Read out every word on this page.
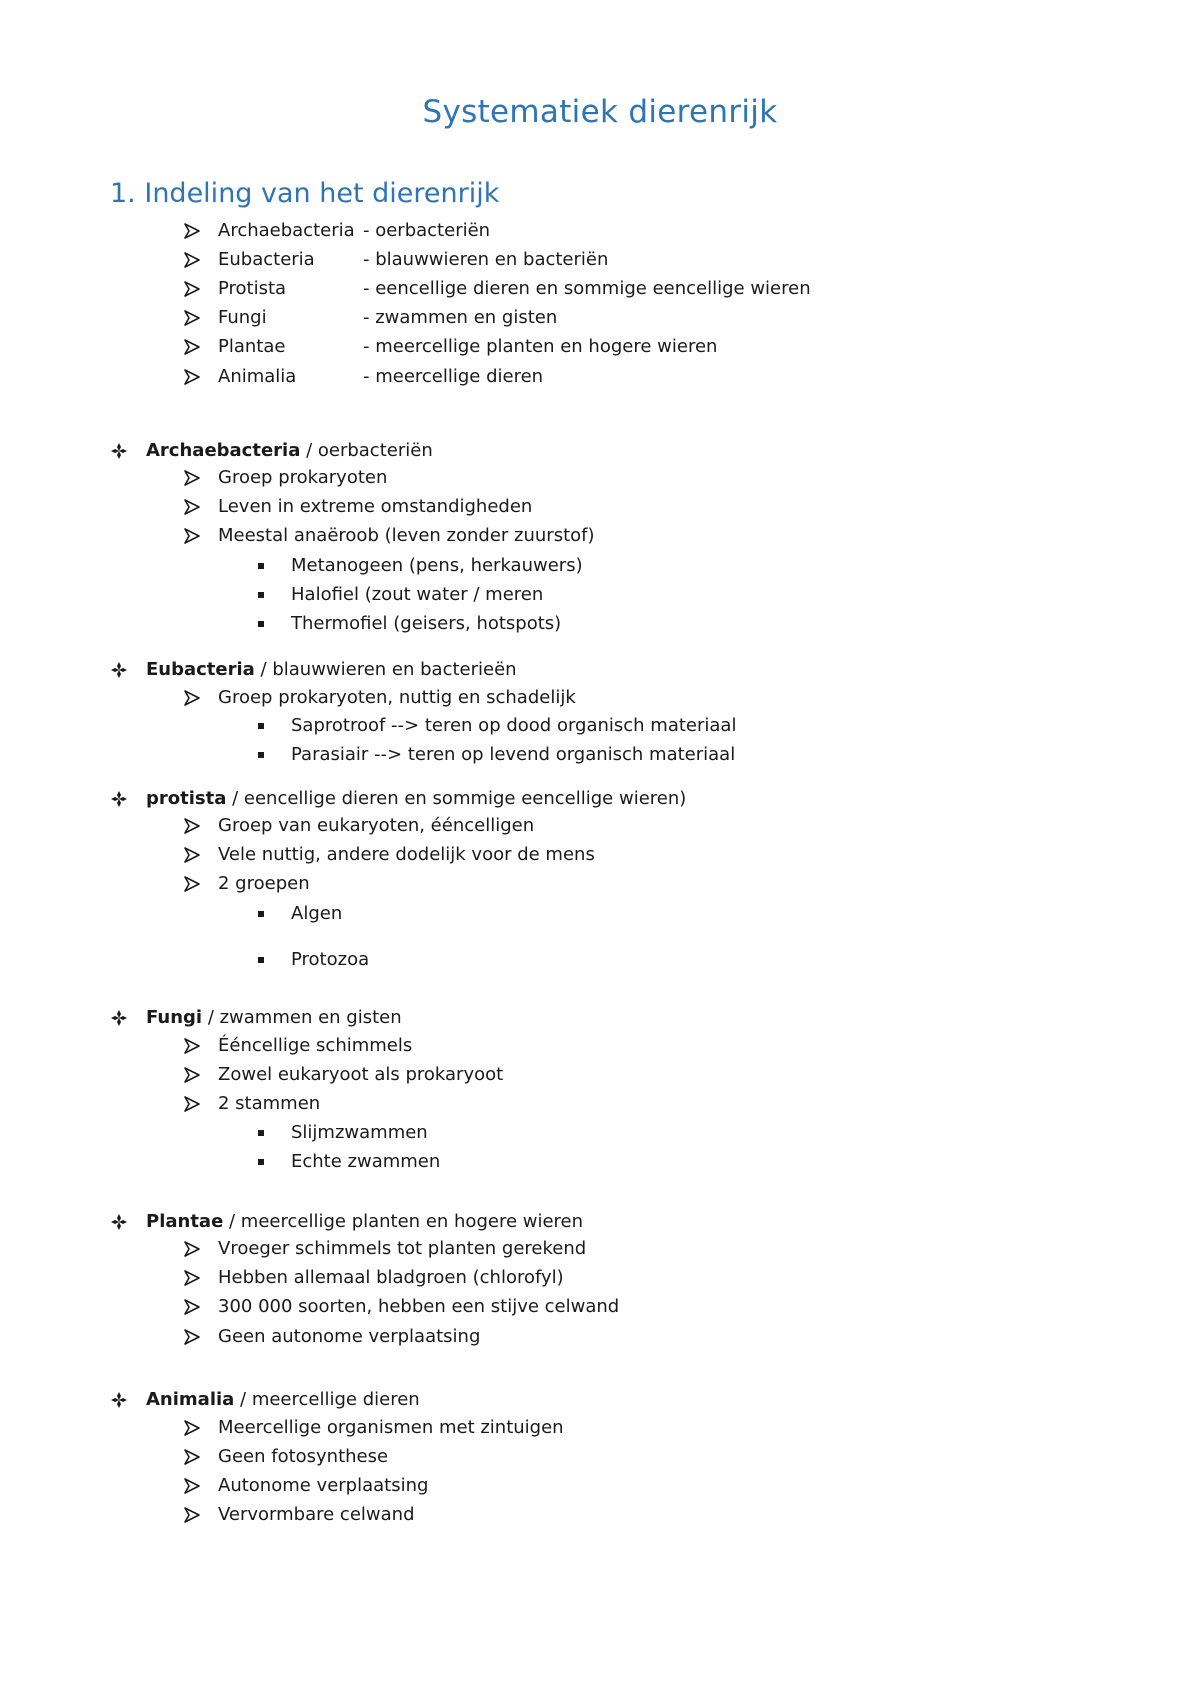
Systematiek dierenrijk
1. Indeling van het dierenrijk
Archaebacteria - oerbacteriën
Eubacteria	- blauwwieren en bacteriën
Protista	- eencellige dieren en sommige eencellige wieren
Fungi	- zwammen en gisten
Plantae	- meercellige planten en hogere wieren
Animalia	- meercellige dieren
Archaebacteria / oerbacteriën
Groep prokaryoten
Leven in extreme omstandigheden
Meestal anaëroob (leven zonder zuurstof)
Metanogeen (pens, herkauwers)
Halofiel (zout water / meren
Thermofiel (geisers, hotspots)
Eubacteria / blauwwieren en bacterieën
Groep prokaryoten, nuttig en schadelijk
Saprotroof --> teren op dood organisch materiaal
Parasiair --> teren op levend organisch materiaal
protista / eencellige dieren en sommige eencellige wieren)
Groep van eukaryoten, ééncelligen
Vele nuttig, andere dodelijk voor de mens
2 groepen
Algen
Protozoa
Fungi / zwammen en gisten
Ééncellige schimmels
Zowel eukaryoot als prokaryoot
2 stammen
Slijmzwammen
Echte zwammen
Plantae / meercellige planten en hogere wieren
Vroeger schimmels tot planten gerekend
Hebben allemaal bladgroen (chlorofyl)
300 000 soorten, hebben een stijve celwand
Geen autonome verplaatsing
Animalia / meercellige dieren
Meercellige organismen met zintuigen
Geen fotosynthese
Autonome verplaatsing
Vervormbare celwand
